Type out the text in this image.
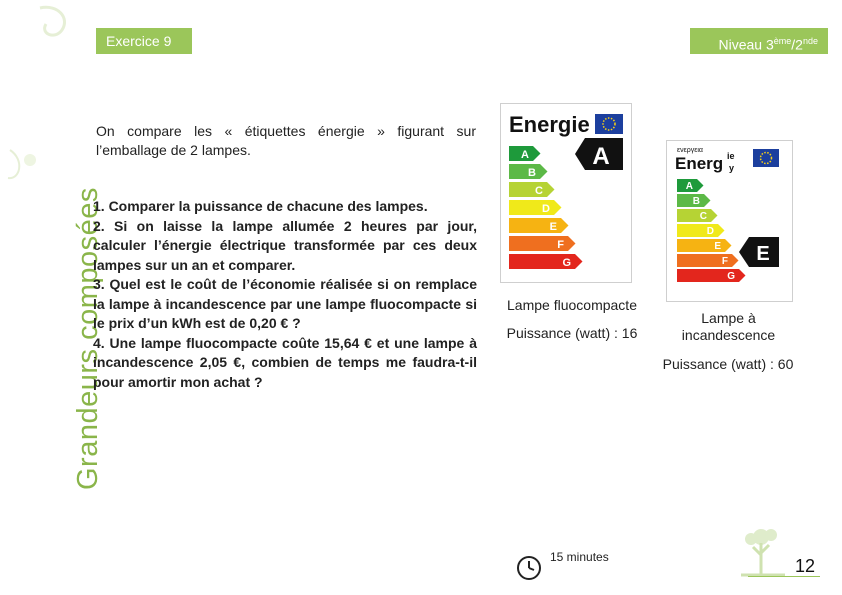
Grandeurs composées
Exercice 9	Niveau 3ème/2nde
On compare les « étiquettes énergie » figurant sur l’emballage de 2 lampes.
1. Comparer la puissance de chacune des lampes.
2. Si on laisse la lampe allumée 2 heures par jour, calculer l’énergie électrique transformée par ces deux lampes sur un an et comparer.
3. Quel est le coût de l’économie réalisée si on remplace la lampe à incandescence par une lampe fluocompacte si le prix d’un kWh est de 0,20 € ?
4. Une lampe fluocompacte coûte 15,64 € et une lampe à incandescence 2,05 €, combien de temps me faudra-t-il pour amortir mon achat ?
Energie
A
B
C
D
E
F
G
A
Lampe fluocompacte
Puissance (watt) : 16
ενεργεια
Energ ie
y
A
B
C
D
E
F
G
E
Lampe à incandescence
Puissance (watt) : 60
15 minutes	12
